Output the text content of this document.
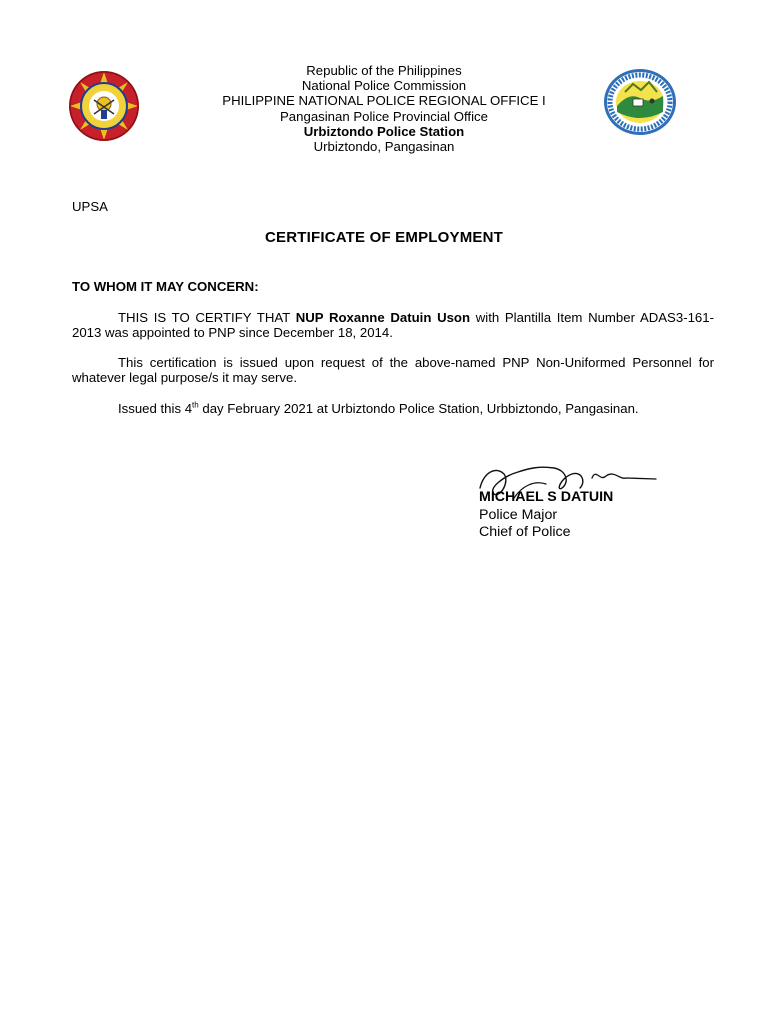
Republic of the Philippines
National Police Commission
PHILIPPINE NATIONAL POLICE REGIONAL OFFICE I
Pangasinan Police Provincial Office
Urbiztondo Police Station
Urbiztondo, Pangasinan
UPSA
CERTIFICATE OF EMPLOYMENT
TO WHOM IT MAY CONCERN:
THIS IS TO CERTIFY THAT NUP Roxanne Datuin Uson with Plantilla Item Number ADAS3-161-2013 was appointed to PNP since December 18, 2014.
This certification is issued upon request of the above-named PNP Non-Uniformed Personnel for whatever legal purpose/s it may serve.
Issued this 4th day February 2021 at Urbiztondo Police Station, Urbbiztondo, Pangasinan.
MICHAEL S DATUIN
Police Major
Chief of Police
